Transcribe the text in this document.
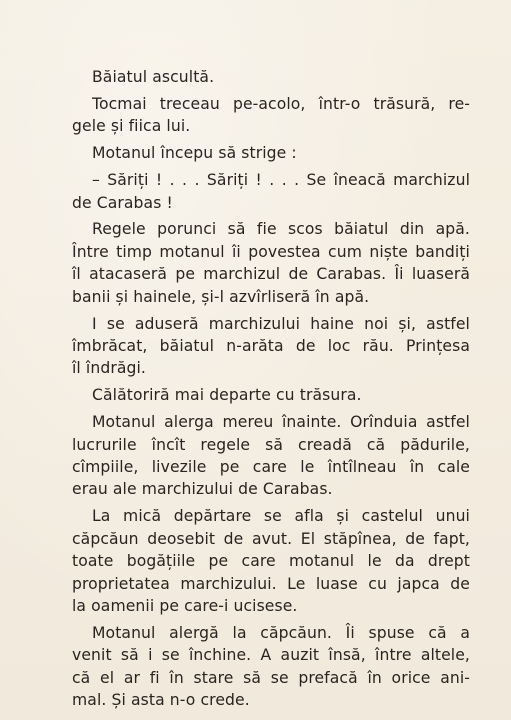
Băiatul ascultă.

Tocmai treceau pe-acolo, într-o trăsură, re-
gele și fiica lui.

Motanul începu să strige :

– Săriți ! . . . Săriți ! . . . Se îneacă marchizul
de Carabas !

Regele porunci să fie scos băiatul din apă.
Între timp motanul îi povestea cum niște bandiți
îl atacaseră pe marchizul de Carabas. Îi luaseră
banii și hainele, și-l azvîrliseră în apă.

I se aduseră marchizului haine noi și, astfel
îmbrăcat, băiatul n-arăta de loc rău. Prințesa
îl îndrăgi.

Călătoriră mai departe cu trăsura.

Motanul alerga mereu înainte. Orînduia astfel
lucrurile încît regele să creadă că pădurile,
cîmpiile, livezile pe care le întîlneau în cale
erau ale marchizului de Carabas.

La mică depărtare se afla și castelul unui
căpcăun deosebit de avut. El stăpînea, de fapt,
toate bogățiile pe care motanul le da drept
proprietatea marchizului. Le luase cu japca de
la oamenii pe care-i ucisese.

Motanul alergă la căpcăun. Îi spuse că a
venit să i se închine. A auzit însă, între altele,
că el ar fi în stare să se prefacă în orice ani-
mal. Și asta n-o crede.
